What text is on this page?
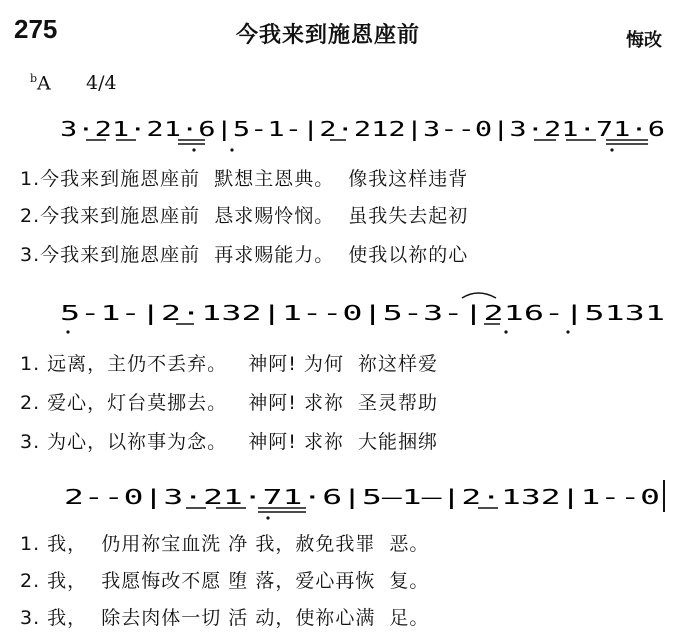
275	今我来到施恩座前	悔改
$^b$A 4/4
3·21·21·6|5-1-|2·212|3--0|3·21·71·6
1.今我来到施恩座前  默想主恩典。  像我这样违背
2.今我来到施恩座前  恳求赐怜悯。  虽我失去起初
3.今我来到施恩座前  再求赐能力。  使我以祢的心
5-1-|2·132|1--0|5-3-|216-|5131
1. 远离，主仍不丢弃。   神阿! 为何  祢这样爱
2. 爱心，灯台莫挪去。   神阿! 求祢  圣灵帮助
3. 为心，以祢事为念。   神阿! 求祢  大能捆绑
2--0|3·21·71·6|5—1—|2·132|1--0
1. 我，  仍用祢宝血洗 净 我，赦免我罪  恶。
2. 我，  我愿悔改不愿 堕 落，爱心再恢  复。
3. 我，  除去肉体一切 活 动，使祢心满  足。
